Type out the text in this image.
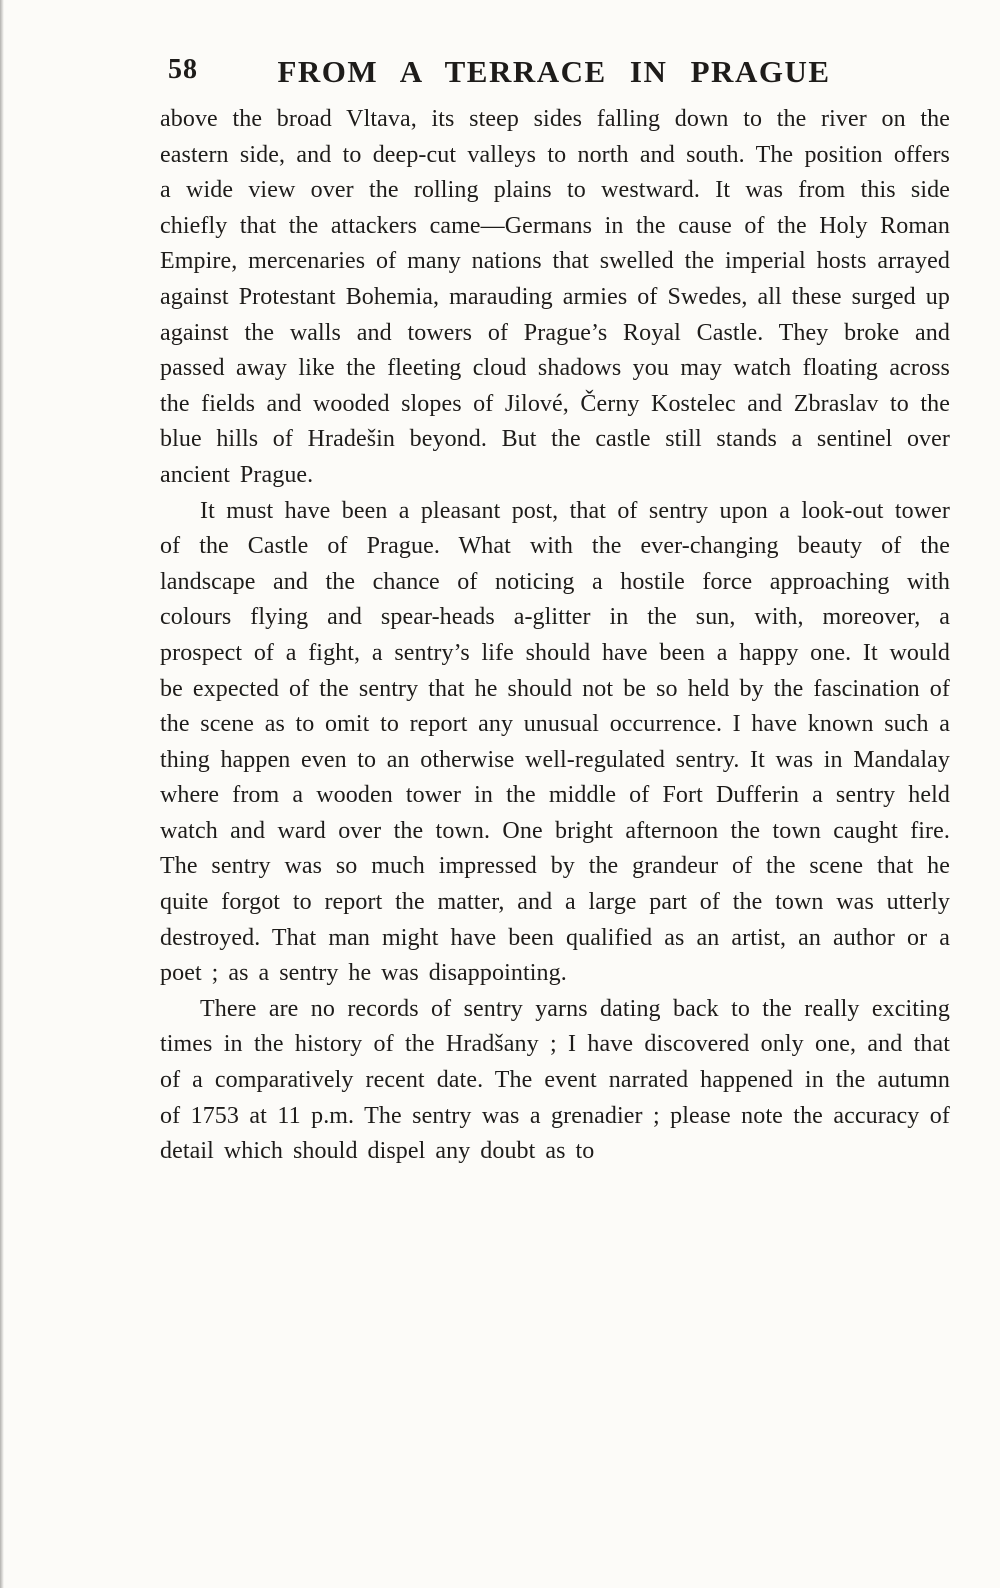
58	FROM A TERRACE IN PRAGUE

above the broad Vltava, its steep sides falling down to the river on the eastern side, and to deep-cut valleys to north and south. The position offers a wide view over the rolling plains to westward. It was from this side chiefly that the attackers came—Germans in the cause of the Holy Roman Empire, mercenaries of many nations that swelled the imperial hosts arrayed against Protestant Bohemia, marauding armies of Swedes, all these surged up against the walls and towers of Prague’s Royal Castle. They broke and passed away like the fleeting cloud shadows you may watch floating across the fields and wooded slopes of Jilové, Černy Kostelec and Zbraslav to the blue hills of Hradešin beyond. But the castle still stands a sentinel over ancient Prague.

It must have been a pleasant post, that of sentry upon a look-out tower of the Castle of Prague. What with the ever-changing beauty of the landscape and the chance of noticing a hostile force approaching with colours flying and spear-heads a-glitter in the sun, with, moreover, a prospect of a fight, a sentry’s life should have been a happy one. It would be expected of the sentry that he should not be so held by the fascination of the scene as to omit to report any unusual occurrence. I have known such a thing happen even to an otherwise well-regulated sentry. It was in Mandalay where from a wooden tower in the middle of Fort Dufferin a sentry held watch and ward over the town. One bright afternoon the town caught fire. The sentry was so much impressed by the grandeur of the scene that he quite forgot to report the matter, and a large part of the town was utterly destroyed. That man might have been qualified as an artist, an author or a poet ; as a sentry he was disappointing.

There are no records of sentry yarns dating back to the really exciting times in the history of the Hradšany ; I have discovered only one, and that of a comparatively recent date. The event narrated happened in the autumn of 1753 at 11 p.m. The sentry was a grenadier ; please note the accuracy of detail which should dispel any doubt as to
